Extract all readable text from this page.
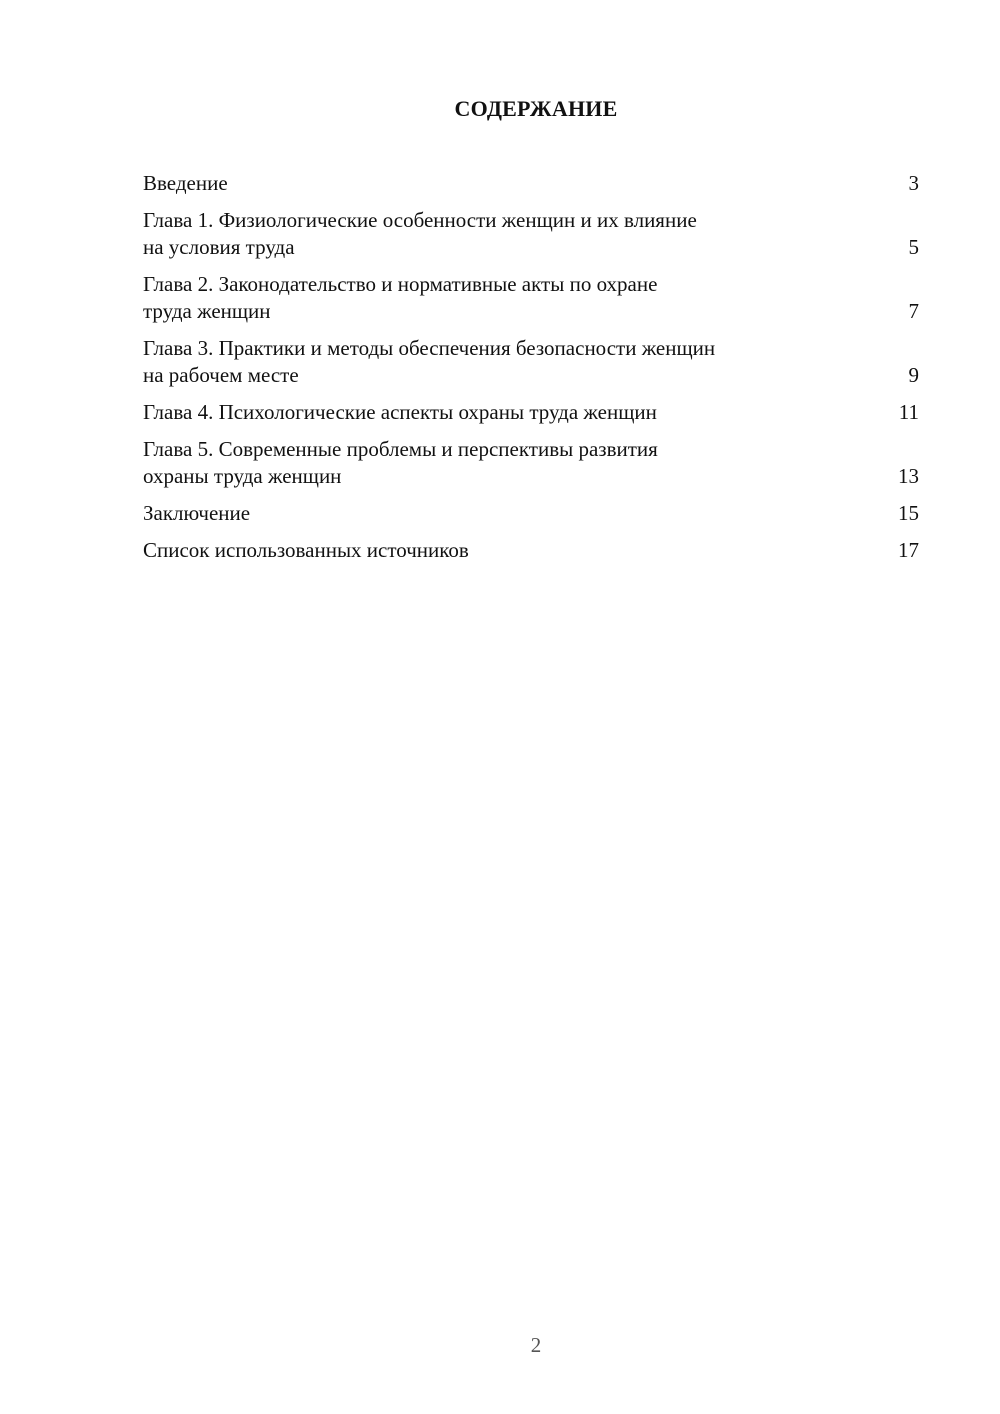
СОДЕРЖАНИЕ
Введение	3
Глава 1. Физиологические особенности женщин и их влияние
на условия труда	5
Глава 2. Законодательство и нормативные акты по охране
труда женщин	7
Глава 3. Практики и методы обеспечения безопасности женщин
на рабочем месте	9
Глава 4. Психологические аспекты охраны труда женщин	11
Глава 5. Современные проблемы и перспективы развития
охраны труда женщин	13
Заключение	15
Список использованных источников	17
2
